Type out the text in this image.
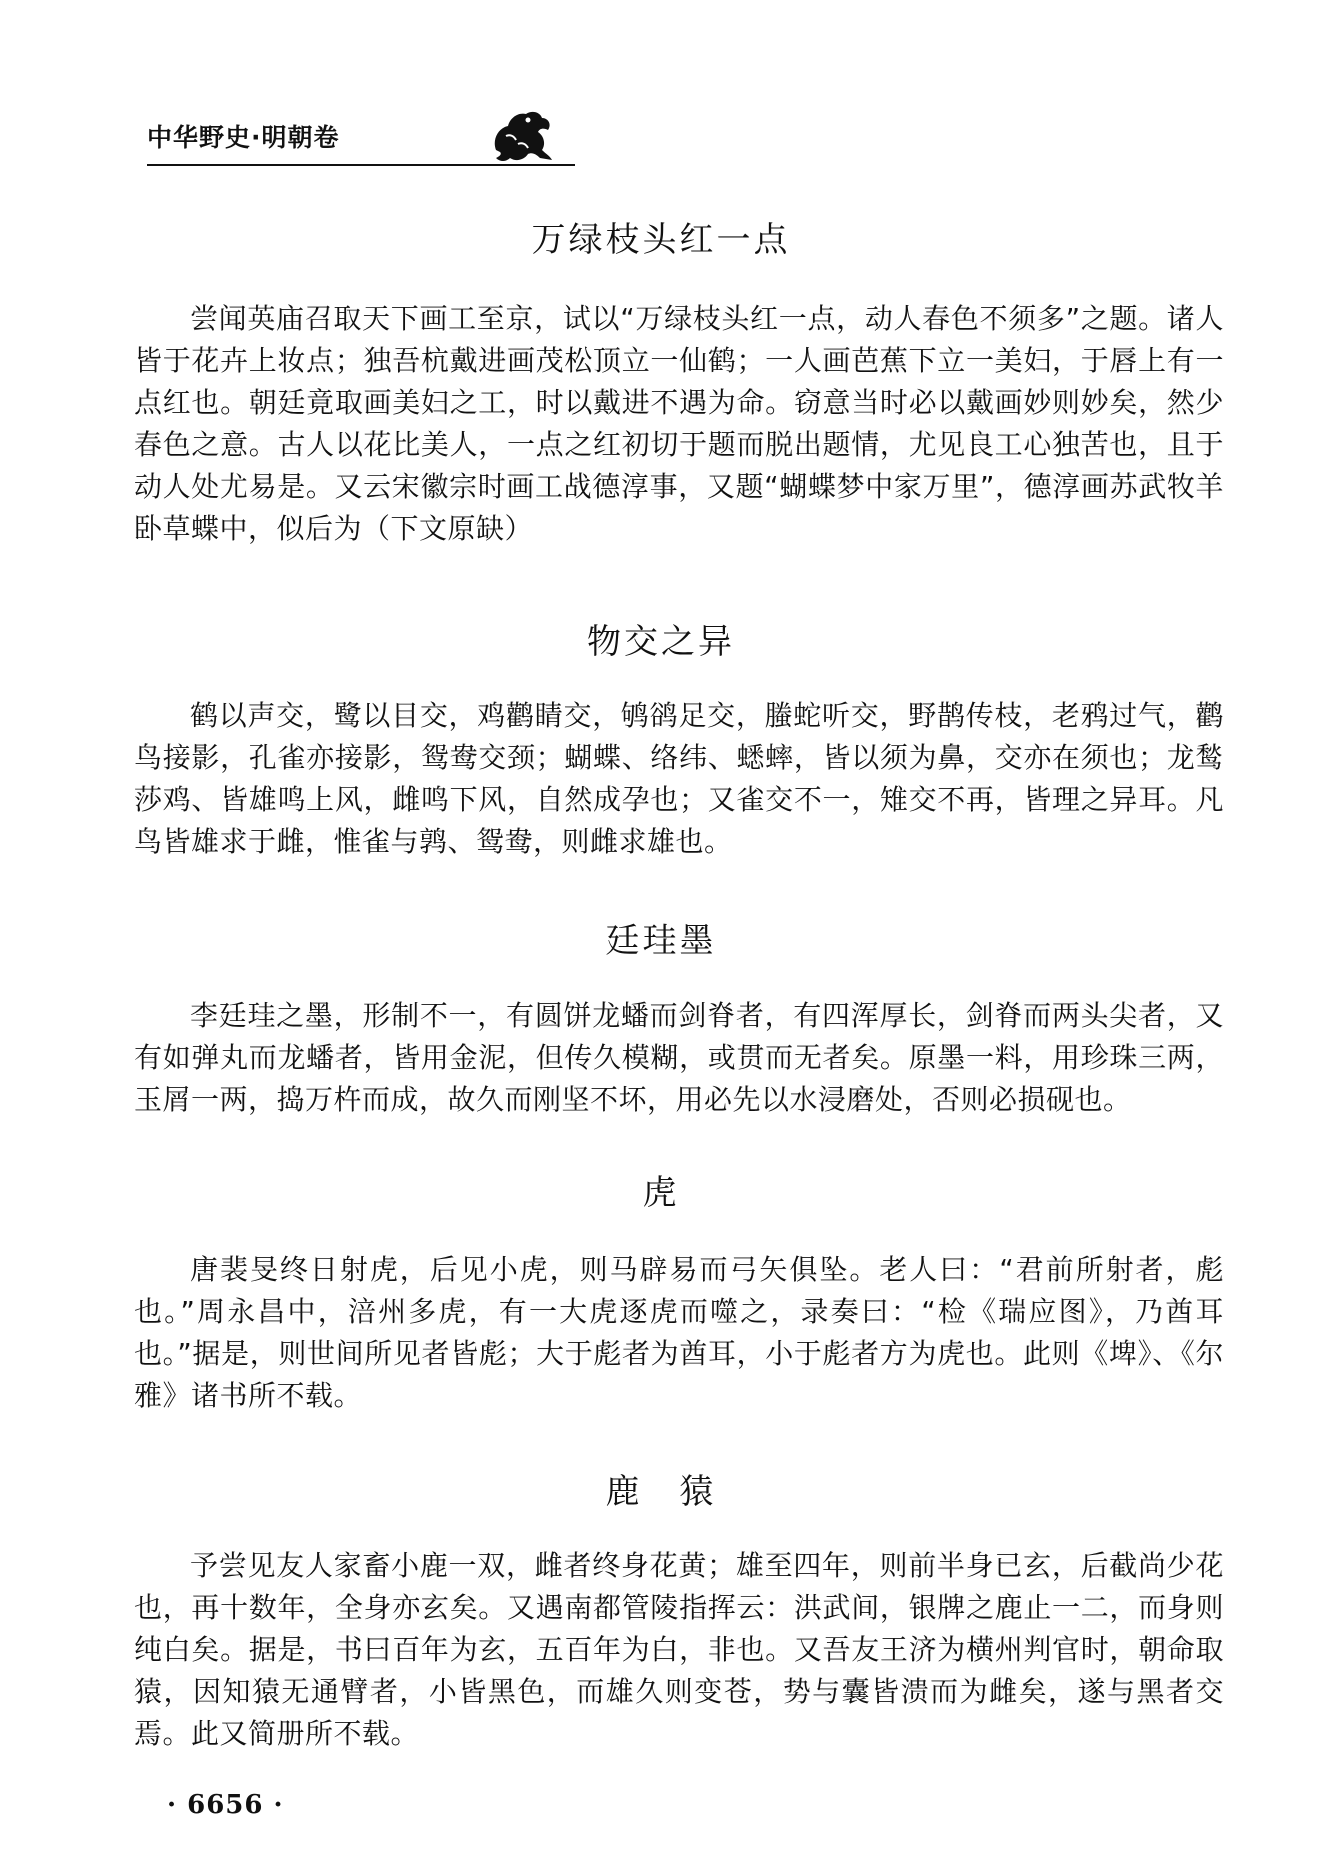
中华野史·明朝卷
万绿枝头红一点
尝闻英庙召取天下画工至京，试以“万绿枝头红一点，动人春色不须多”之题。诸人皆于花卉上妆点；独吾杭戴进画茂松顶立一仙鹤；一人画芭蕉下立一美妇，于唇上有一点红也。朝廷竟取画美妇之工，时以戴进不遇为命。窃意当时必以戴画妙则妙矣，然少春色之意。古人以花比美人，一点之红初切于题而脱出题情，尤见良工心独苦也，且于动人处尤易是。又云宋徽宗时画工战德淳事，又题“蝴蝶梦中家万里”，德淳画苏武牧羊卧草蝶中，似后为（下文原缺）
物交之异
鹤以声交，鹭以目交，鸡鹳睛交，鸲鹆足交，螣蛇听交，野鹊传枝，老鸦过气，鹳鸟接影，孔雀亦接影，鸳鸯交颈；蝴蝶、络纬、蟋蟀，皆以须为鼻，交亦在须也；龙鹙莎鸡、皆雄鸣上风，雌鸣下风，自然成孕也；又雀交不一，雉交不再，皆理之异耳。凡鸟皆雄求于雌，惟雀与鹑、鸳鸯，则雌求雄也。
廷珪墨
李廷珪之墨，形制不一，有圆饼龙蟠而剑脊者，有四浑厚长，剑脊而两头尖者，又有如弹丸而龙蟠者，皆用金泥，但传久模糊，或贯而无者矣。原墨一料，用珍珠三两，玉屑一两，捣万杵而成，故久而刚坚不坏，用必先以水浸磨处，否则必损砚也。
虎
唐裴旻终日射虎，后见小虎，则马辟易而弓矢俱坠。老人曰：“君前所射者，彪也。”周永昌中，涪州多虎，有一大虎逐虎而噬之，录奏曰：“检《瑞应图》，乃酋耳也。”据是，则世间所见者皆彪；大于彪者为酋耳，小于彪者方为虎也。此则《埤》、《尔雅》诸书所不载。
鹿　猿
予尝见友人家畜小鹿一双，雌者终身花黄；雄至四年，则前半身已玄，后截尚少花也，再十数年，全身亦玄矣。又遇南都管陵指挥云：洪武间，银牌之鹿止一二，而身则纯白矣。据是，书曰百年为玄，五百年为白，非也。又吾友王济为横州判官时，朝命取猿，因知猿无通臂者，小皆黑色，而雄久则变苍，势与囊皆溃而为雌矣，遂与黑者交焉。此又简册所不载。
· 6656 ·
